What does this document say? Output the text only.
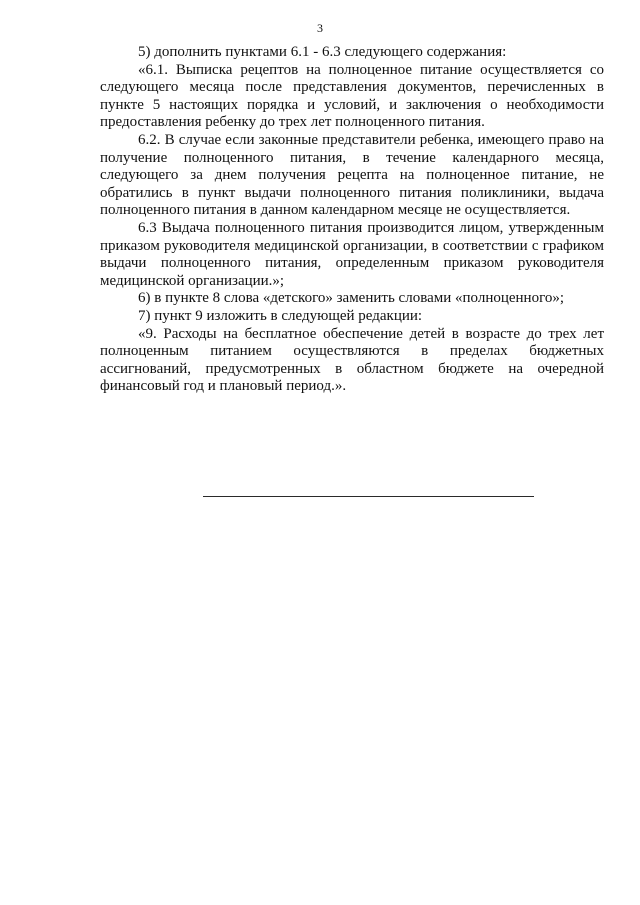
3

5) дополнить пунктами 6.1 - 6.3 следующего содержания:

«6.1. Выписка рецептов на полноценное питание осуществляется со следующего месяца после представления документов, перечисленных в пункте 5 настоящих порядка и условий, и заключения о необходимости предоставления ребенку до трех лет полноценного питания.

6.2. В случае если законные представители ребенка, имеющего право на получение полноценного питания, в течение календарного месяца, следующего за днем получения рецепта на полноценное питание, не обратились в пункт выдачи полноценного питания поликлиники, выдача полноценного питания в данном календарном месяце не осуществляется.

6.3 Выдача полноценного питания производится лицом, утвержденным приказом руководителя медицинской организации, в соответствии с графиком выдачи полноценного питания, определенным приказом руководителя медицинской организации.»;

6) в пункте 8 слова «детского» заменить словами «полноценного»;

7) пункт 9 изложить в следующей редакции:

«9. Расходы на бесплатное обеспечение детей в возрасте до трех лет полноценным питанием осуществляются в пределах бюджетных ассигнований, предусмотренных в областном бюджете на очередной финансовый год и плановый период.».
